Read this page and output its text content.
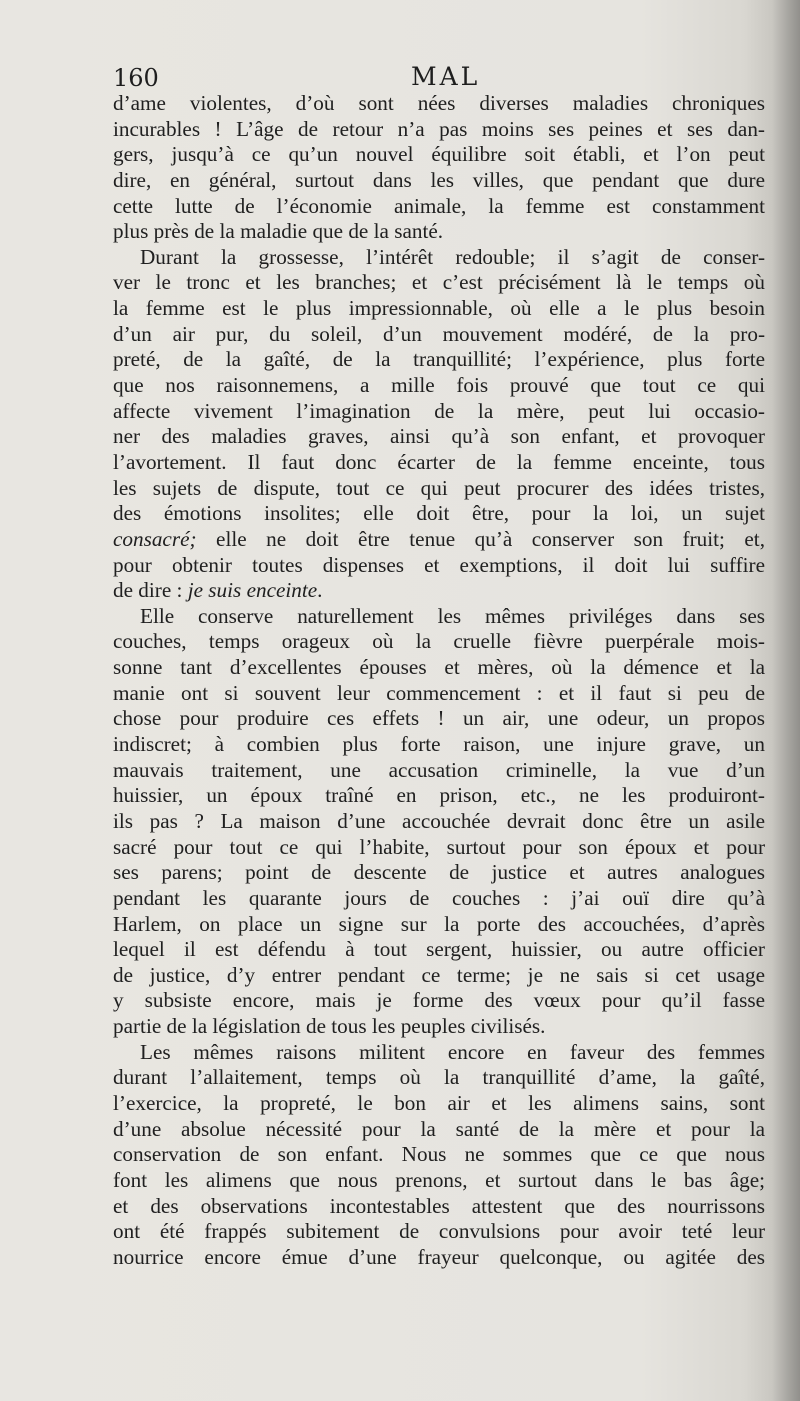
160	MAL
d’ame violentes, d’où sont nées diverses maladies chroniques
incurables ! L’âge de retour n’a pas moins ses peines et ses dan-
gers, jusqu’à ce qu’un nouvel équilibre soit établi, et l’on peut
dire, en général, surtout dans les villes, que pendant que dure
cette lutte de l’économie animale, la femme est constamment
plus près de la maladie que de la santé.
Durant la grossesse, l’intérêt redouble; il s’agit de conser-
ver le tronc et les branches; et c’est précisément là le temps où
la femme est le plus impressionnable, où elle a le plus besoin
d’un air pur, du soleil, d’un mouvement modéré, de la pro-
preté, de la gaîté, de la tranquillité; l’expérience, plus forte
que nos raisonnemens, a mille fois prouvé que tout ce qui
affecte vivement l’imagination de la mère, peut lui occasio-
ner des maladies graves, ainsi qu’à son enfant, et provoquer
l’avortement. Il faut donc écarter de la femme enceinte, tous
les sujets de dispute, tout ce qui peut procurer des idées tristes,
des émotions insolites; elle doit être, pour la loi, un sujet
consacré; elle ne doit être tenue qu’à conserver son fruit; et,
pour obtenir toutes dispenses et exemptions, il doit lui suffire
de dire : je suis enceinte.
Elle conserve naturellement les mêmes priviléges dans ses
couches, temps orageux où la cruelle fièvre puerpérale mois-
sonne tant d’excellentes épouses et mères, où la démence et la
manie ont si souvent leur commencement : et il faut si peu de
chose pour produire ces effets ! un air, une odeur, un propos
indiscret; à combien plus forte raison, une injure grave, un
mauvais traitement, une accusation criminelle, la vue d’un
huissier, un époux traîné en prison, etc., ne les produiront-
ils pas ? La maison d’une accouchée devrait donc être un asile
sacré pour tout ce qui l’habite, surtout pour son époux et pour
ses parens; point de descente de justice et autres analogues
pendant les quarante jours de couches : j’ai ouï dire qu’à
Harlem, on place un signe sur la porte des accouchées, d’après
lequel il est défendu à tout sergent, huissier, ou autre officier
de justice, d’y entrer pendant ce terme; je ne sais si cet usage
y subsiste encore, mais je forme des vœux pour qu’il fasse
partie de la législation de tous les peuples civilisés.
Les mêmes raisons militent encore en faveur des femmes
durant l’allaitement, temps où la tranquillité d’ame, la gaîté,
l’exercice, la propreté, le bon air et les alimens sains, sont
d’une absolue nécessité pour la santé de la mère et pour la
conservation de son enfant. Nous ne sommes que ce que nous
font les alimens que nous prenons, et surtout dans le bas âge;
et des observations incontestables attestent que des nourrissons
ont été frappés subitement de convulsions pour avoir teté leur
nourrice encore émue d’une frayeur quelconque, ou agitée des
